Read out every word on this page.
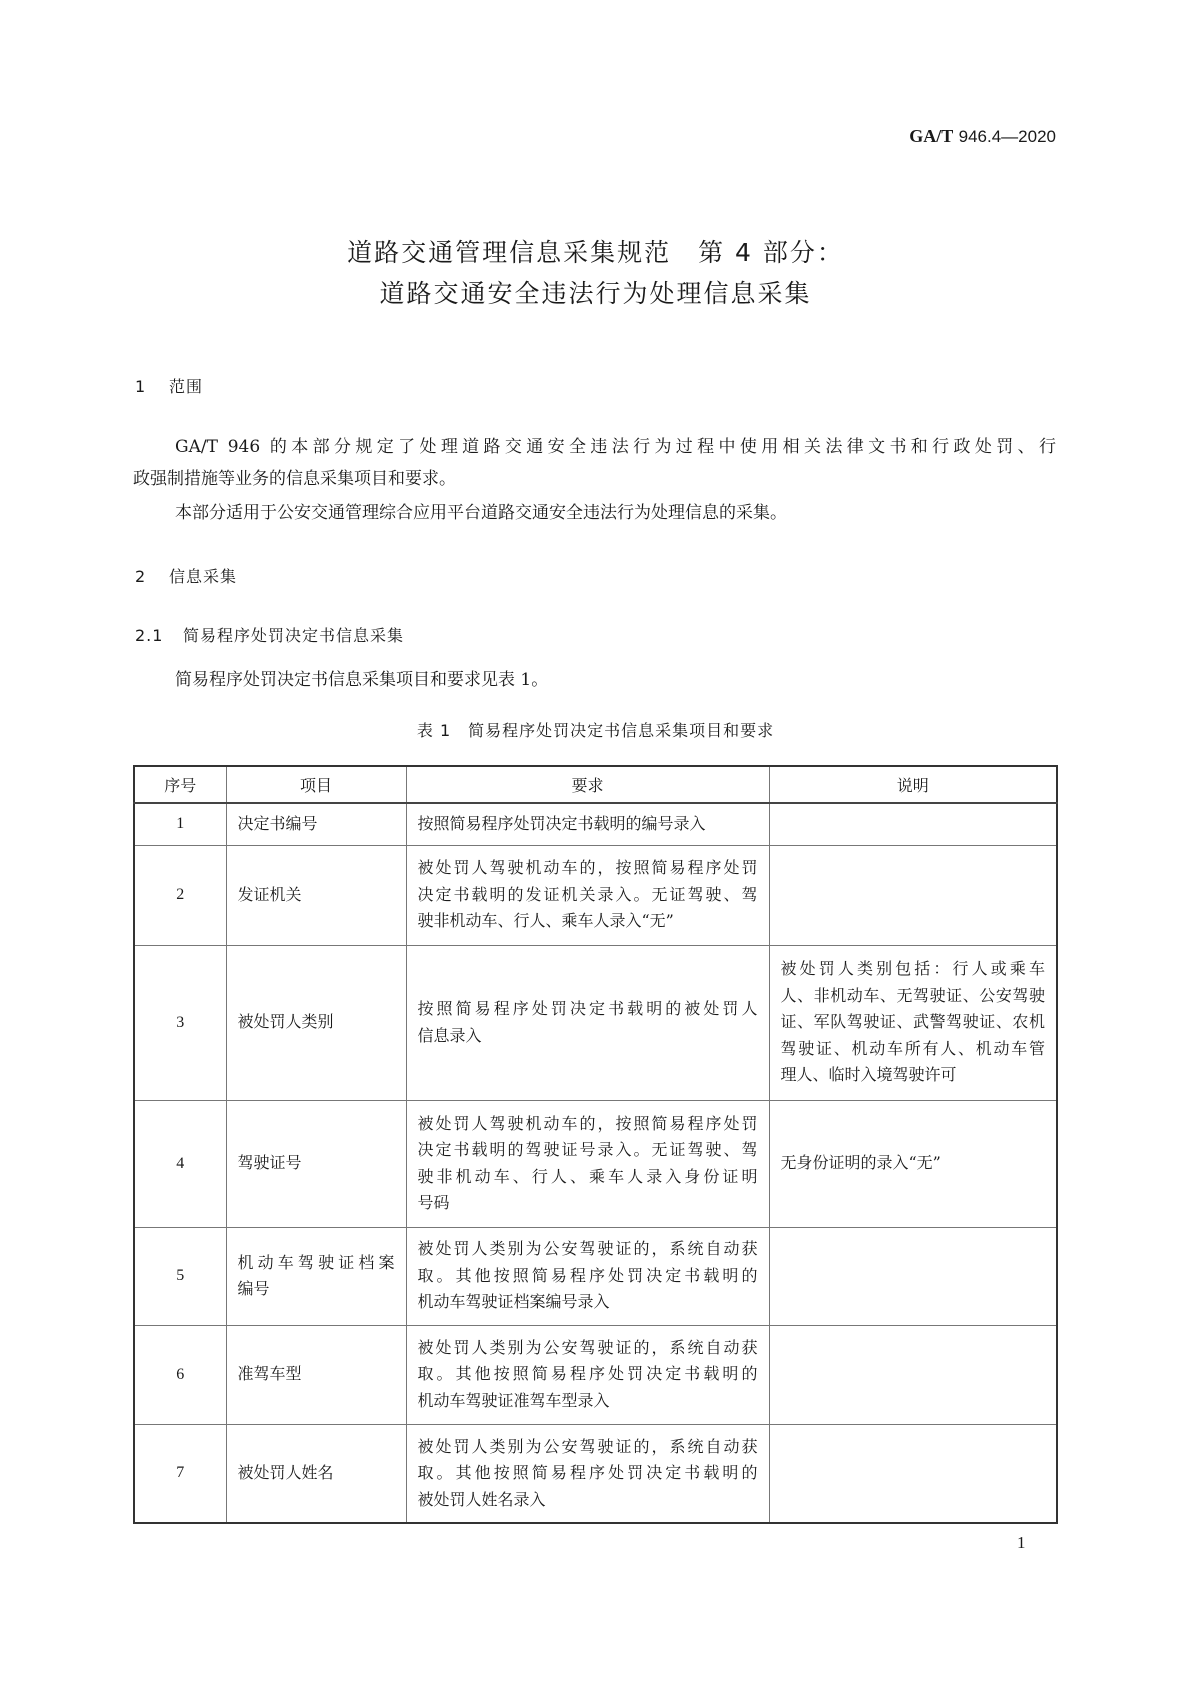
GA/T 946.4—2020
道路交通管理信息采集规范　第 4 部分：
道路交通安全违法行为处理信息采集
1 范围
GA/T 946 的本部分规定了处理道路交通安全违法行为过程中使用相关法律文书和行政处罚、行
政强制措施等业务的信息采集项目和要求。
本部分适用于公安交通管理综合应用平台道路交通安全违法行为处理信息的采集。
2 信息采集
2.1 简易程序处罚决定书信息采集
简易程序处罚决定书信息采集项目和要求见表 1。
表 1　简易程序处罚决定书信息采集项目和要求
序号	项目	要求	说明
1	决定书编号	按照简易程序处罚决定书载明的编号录入	

2	发证机关	被处罚人驾驶机动车的，按照简易程序处罚
决定书载明的发证机关录入。无证驾驶、驾
驶非机动车、行人、乘车人录入“无”	

3	被处罚人类别	按照简易程序处罚决定书载明的被处罚人
信息录入	被处罚人类别包括：行人或乘车
人、非机动车、无驾驶证、公安驾驶
证、军队驾驶证、武警驾驶证、农机
驾驶证、机动车所有人、机动车管
理人、临时入境驾驶许可

4	驾驶证号	被处罚人驾驶机动车的，按照简易程序处罚
决定书载明的驾驶证号录入。无证驾驶、驾
驶非机动车、行人、乘车人录入身份证明
号码	无身份证明的录入“无”

5	机动车驾驶证档案
编号	被处罚人类别为公安驾驶证的，系统自动获
取。其他按照简易程序处罚决定书载明的
机动车驾驶证档案编号录入	

6	准驾车型	被处罚人类别为公安驾驶证的，系统自动获
取。其他按照简易程序处罚决定书载明的
机动车驾驶证准驾车型录入	

7	被处罚人姓名	被处罚人类别为公安驾驶证的，系统自动获
取。其他按照简易程序处罚决定书载明的
被处罚人姓名录入	

1
